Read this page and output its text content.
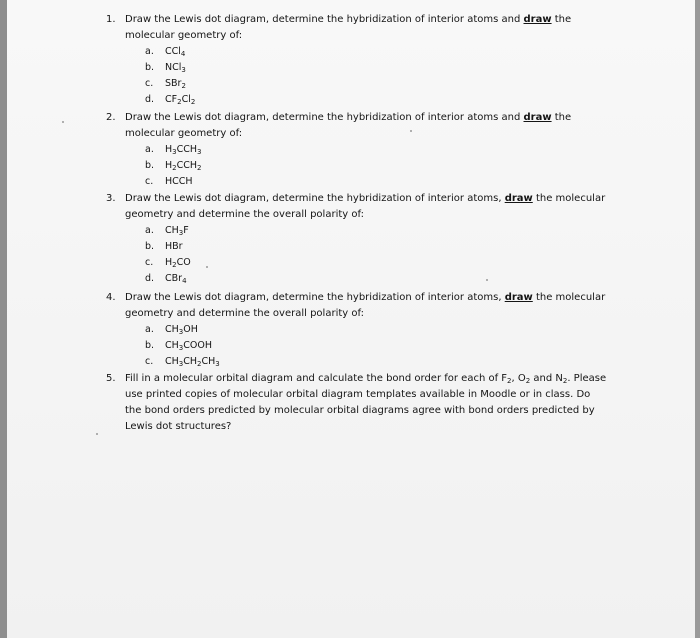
1. Draw the Lewis dot diagram, determine the hybridization of interior atoms and draw the
molecular geometry of:
a. CCl$_4$
b. NCl$_3$
c. SBr$_2$
d. $CF_2Cl_2$
2. Draw the Lewis dot diagram, determine the hybridization of interior atoms and draw the
molecular geometry of:
a. $H_3CCH_3$
b. $H_2CCH_2$
c. HCCH
3. Draw the Lewis dot diagram, determine the hybridization of interior atoms, draw the molecular
geometry and determine the overall polarity of:
a. $CH_3F$
b. HBr
c. $H_2CO$
d. CBr$_4$
4. Draw the Lewis dot diagram, determine the hybridization of interior atoms, draw the molecular
geometry and determine the overall polarity of:
a. $CH_3OH$
b. $CH_3COOH$
c. $CH_3CH_2CH_3$
5. Fill in a molecular orbital diagram and calculate the bond order for each of $F_2$, $O_2$ and $N_2$. Please
use printed copies of molecular orbital diagram templates available in Moodle or in class. Do
the bond orders predicted by molecular orbital diagrams agree with bond orders predicted by
Lewis dot structures?
